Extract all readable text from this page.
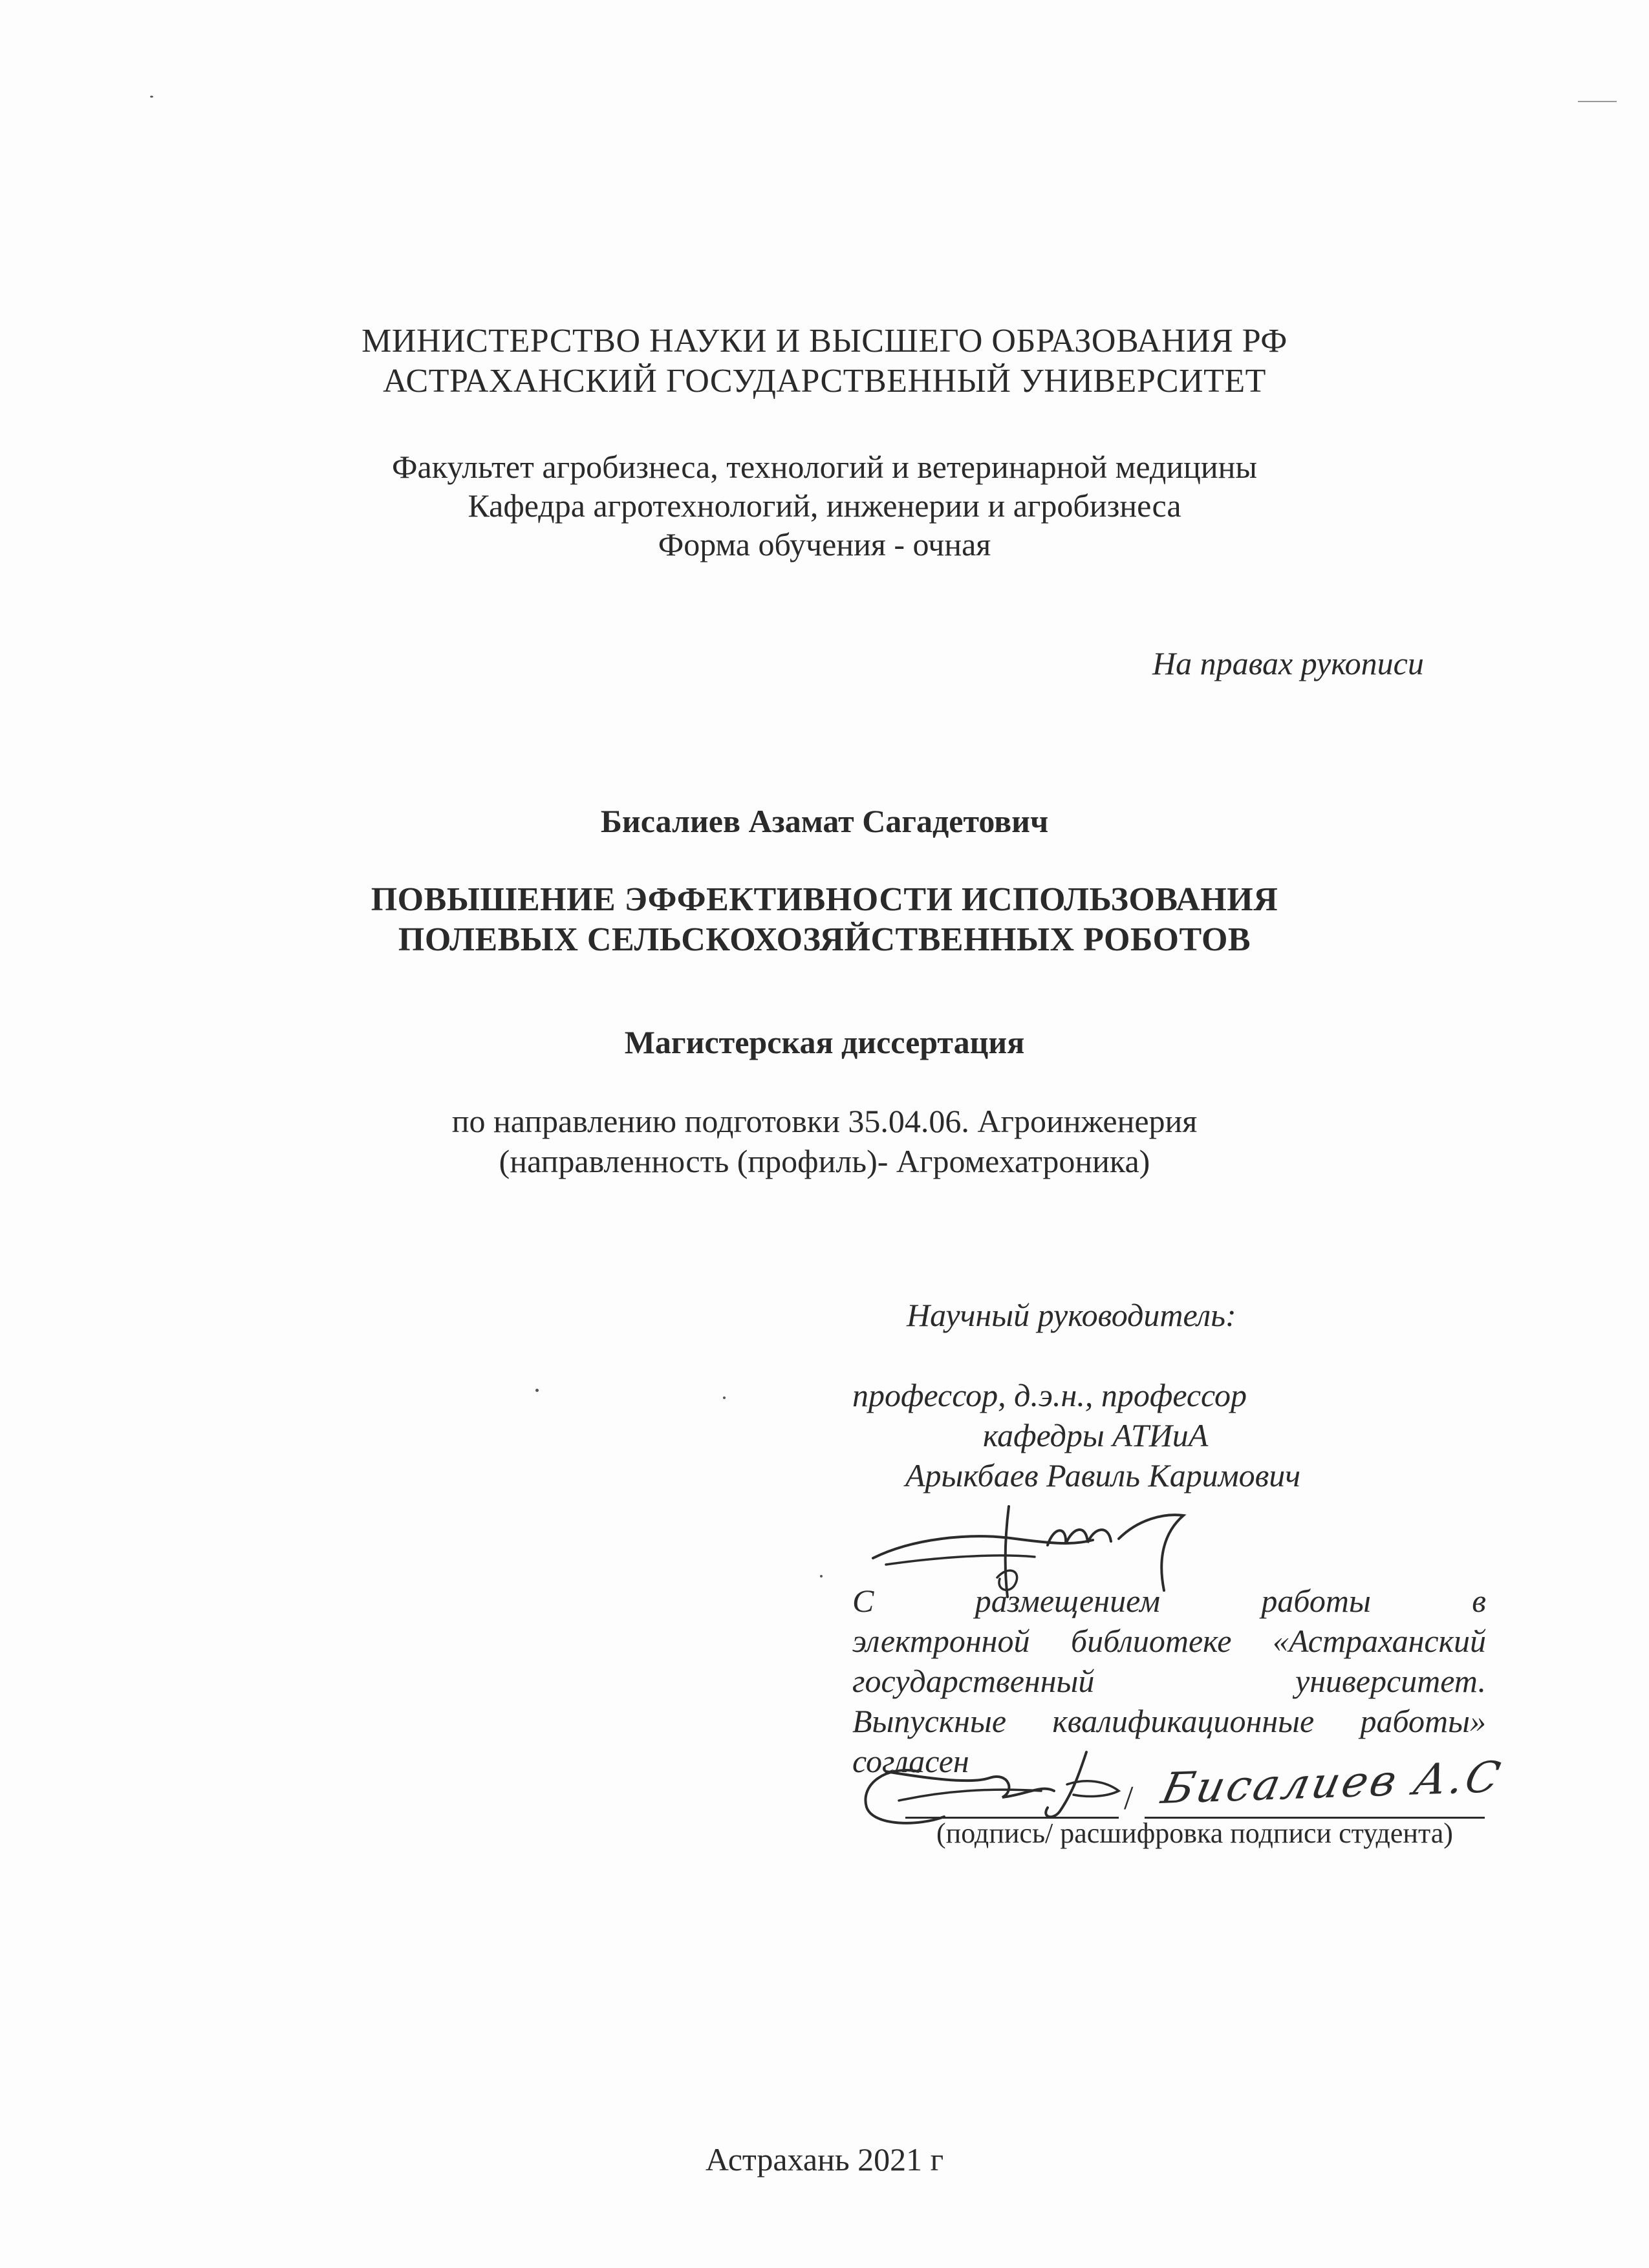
МИНИСТЕРСТВО НАУКИ И ВЫСШЕГО ОБРАЗОВАНИЯ РФ
АСТРАХАНСКИЙ ГОСУДАРСТВЕННЫЙ УНИВЕРСИТЕТ
Факультет агробизнеса, технологий и ветеринарной медицины
Кафедра агротехнологий, инженерии и агробизнеса
Форма обучения - очная
На правах рукописи
Бисалиев Азамат Сагадетович
ПОВЫШЕНИЕ ЭФФЕКТИВНОСТИ ИСПОЛЬЗОВАНИЯ
ПОЛЕВЫХ СЕЛЬСКОХОЗЯЙСТВЕННЫХ РОБОТОВ
Магистерская диссертация
по направлению подготовки 35.04.06. Агроинженерия
(направленность (профиль)- Агромехатроника)
Научный руководитель:
профессор, д.э.н., профессор
кафедры АТИиА
Арыкбаев Равиль Каримович
С	размещением	работы	в
электронной библиотеке «Астраханский
государственный	университет.
Выпускные квалификационные работы»
согласен	Бисалиев А.С
/
(подпись/ расшифровка подписи студента)
Астрахань 2021 г
